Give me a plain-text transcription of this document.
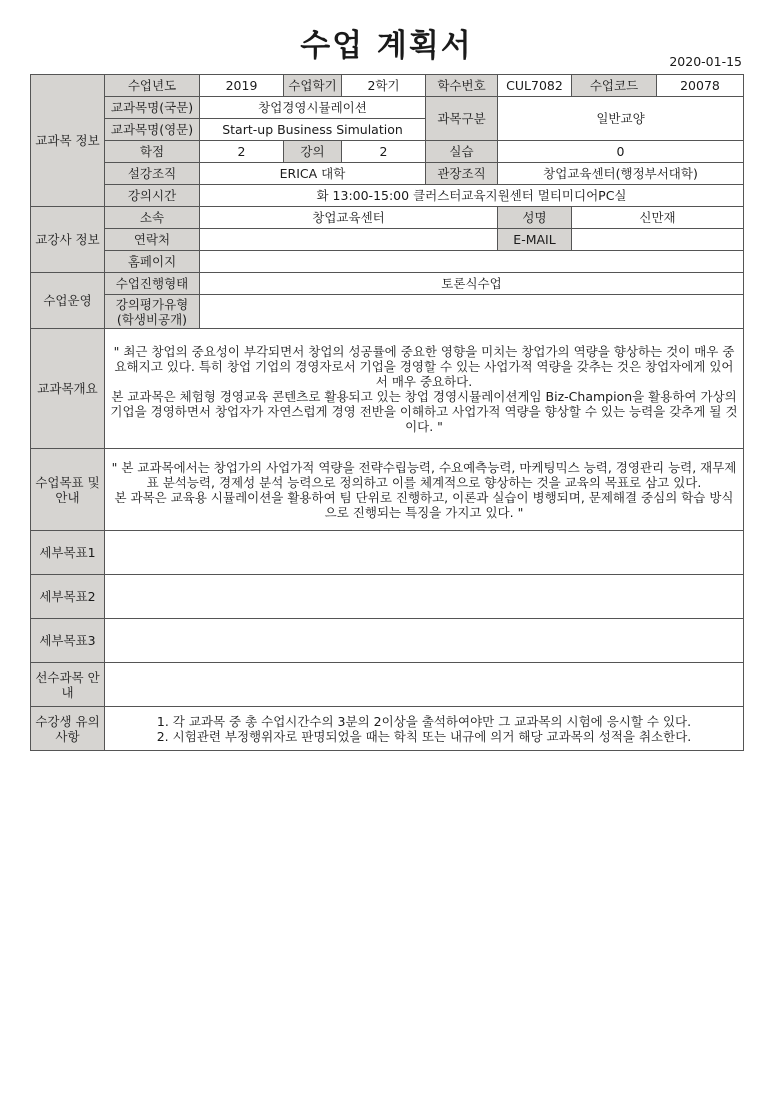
수업 계획서	2020-01-15
교과목 정보	수업년도	2019	수업학기	2학기	학수번호	CUL7082	수업코드	20078
	교과목명(국문)	창업경영시뮬레이션			과목구분	일반교양		
	교과목명(영문)	Start-up Business Simulation						
	학점	2	강의	2	실습	0		
	설강조직	ERICA 대학			관장조직	창업교육센터(행정부서대학)		
	강의시간	화 13:00-15:00 클러스터교육지원센터 멀티미디어PC실						
교강사 정보	소속	창업교육센터				성명	신만재	
	연락처					E-MAIL		
	홈페이지							
수업운영	수업진행형태	토론식수업						
	강의평가유형 (학생비공개)							
교과목개요	" 최근 창업의 중요성이 부각되면서 창업의 성공률에 중요한 영향을 미치는 창업가의 역량을 향상하는 것이 매우 중요해지고 있다. 특히 창업 기업의 경영자로서 기업을 경영할 수 있는 사업가적 역량을 갖추는 것은 창업자에게 있어서 매우 중요하다.
본 교과목은 체험형 경영교육 콘텐츠로 활용되고 있는 창업 경영시뮬레이션게임 Biz-Champion을 활용하여 가상의 기업을 경영하면서 창업자가 자연스럽게 경영 전반을 이해하고 사업가적 역량을 향상할 수 있는 능력을 갖추게 될 것이다. "							

수업목표 및 안내	" 본 교과목에서는 창업가의 사업가적 역량을 전략수립능력, 수요예측능력, 마케팅믹스 능력, 경영관리 능력, 재무제표 분석능력, 경제성 분석 능력으로 정의하고 이를 체계적으로 향상하는 것을 교육의 목표로 삼고 있다.
본 과목은 교육용 시뮬레이션을 활용하여 팀 단위로 진행하고, 이론과 실습이 병행되며, 문제해결 중심의 학습 방식으로 진행되는 특징을 가지고 있다. "							

세부목표1								
세부목표2								
세부목표3								
선수과목 안내								
수강생 유의사항	1. 각 교과목 중 총 수업시간수의 3분의 2이상을 출석하여야만 그 교과목의 시험에 응시할 수 있다.
2. 시험관련 부정행위자로 판명되었을 때는 학칙 또는 내규에 의거 해당 교과목의 성적을 취소한다.							
